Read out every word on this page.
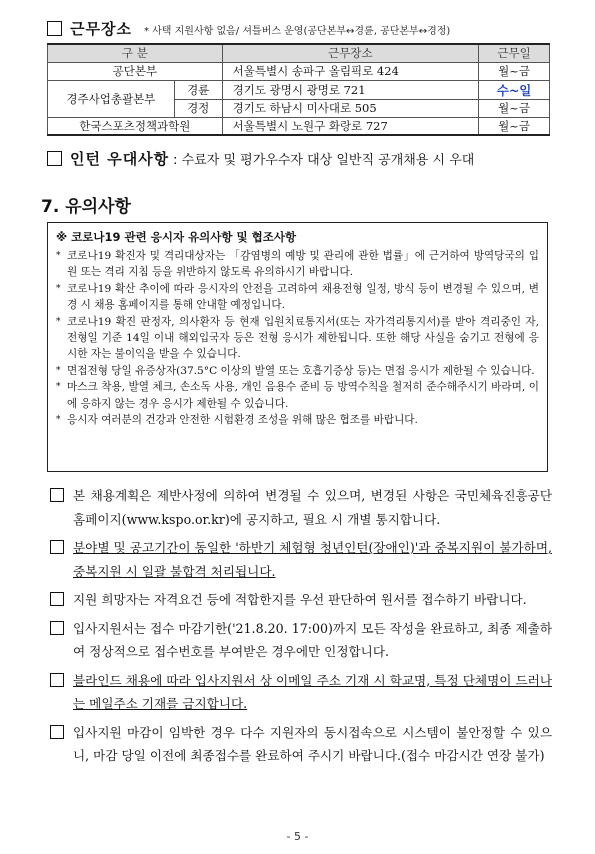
근무장소 * 사택 지원사항 없음/ 셔틀버스 운영(공단본부↔경륜, 공단본부↔경정)
구 분		근무장소	근무일
공단본부		서울특별시 송파구 올림픽로 424	월~금
경주사업총괄본부	경륜	경기도 광명시 광명로 721	수~일
	경정	경기도 하남시 미사대로 505	월~금
한국스포츠정책과학원		서울특별시 노원구 화랑로 727	월~금
인턴 우대사항 : 수료자 및 평가우수자 대상 일반직 공개채용 시 우대
7. 유의사항
※ 코로나19 관련 응시자 유의사항 및 협조사항
* 코로나19 확진자 및 격리대상자는 「감염병의 예방 및 관리에 관한 법률」에 근거하여 방역당국의 입원 또는 격리 지침 등을 위반하지 않도록 유의하시기 바랍니다.
* 코로나19 확산 추이에 따라 응시자의 안전을 고려하여 채용전형 일정, 방식 등이 변경될 수 있으며, 변경 시 채용 홈페이지를 통해 안내할 예정입니다.
* 코로나19 확진 판정자, 의사환자 등 현재 입원치료통지서(또는 자가격리통지서)를 받아 격리중인 자, 전형일 기준 14일 이내 해외입국자 등은 전형 응시가 제한됩니다. 또한 해당 사실을 숨기고 전형에 응시한 자는 불이익을 받을 수 있습니다.
* 면접전형 당일 유증상자(37.5°C 이상의 발열 또는 호흡기증상 등)는 면접 응시가 제한될 수 있습니다.
* 마스크 착용, 발열 체크, 손소독 사용, 개인 음용수 준비 등 방역수칙을 철저히 준수해주시기 바라며, 이에 응하지 않는 경우 응시가 제한될 수 있습니다.
* 응시자 여러분의 건강과 안전한 시험환경 조성을 위해 많은 협조를 바랍니다.
본 채용계획은 제반사정에 의하여 변경될 수 있으며, 변경된 사항은 국민체육진흥공단 홈페이지(www.kspo.or.kr)에 공지하고, 필요 시 개별 통지합니다.
분야별 및 공고기간이 동일한 '하반기 체험형 청년인턴(장애인)'과 중복지원이 불가하며, 중복지원 시 일괄 불합격 처리됩니다.
지원 희망자는 자격요건 등에 적합한지를 우선 판단하여 원서를 접수하기 바랍니다.
입사지원서는 접수 마감기한('21.8.20. 17:00)까지 모든 작성을 완료하고, 최종 제출하여 정상적으로 접수번호를 부여받은 경우에만 인정합니다.
블라인드 채용에 따라 입사지원서 상 이메일 주소 기재 시 학교명, 특정 단체명이 드러나는 메일주소 기재를 금지합니다.
입사지원 마감이 임박한 경우 다수 지원자의 동시접속으로 시스템이 불안정할 수 있으니, 마감 당일 이전에 최종접수를 완료하여 주시기 바랍니다.(접수 마감시간 연장 불가)
- 5 -
